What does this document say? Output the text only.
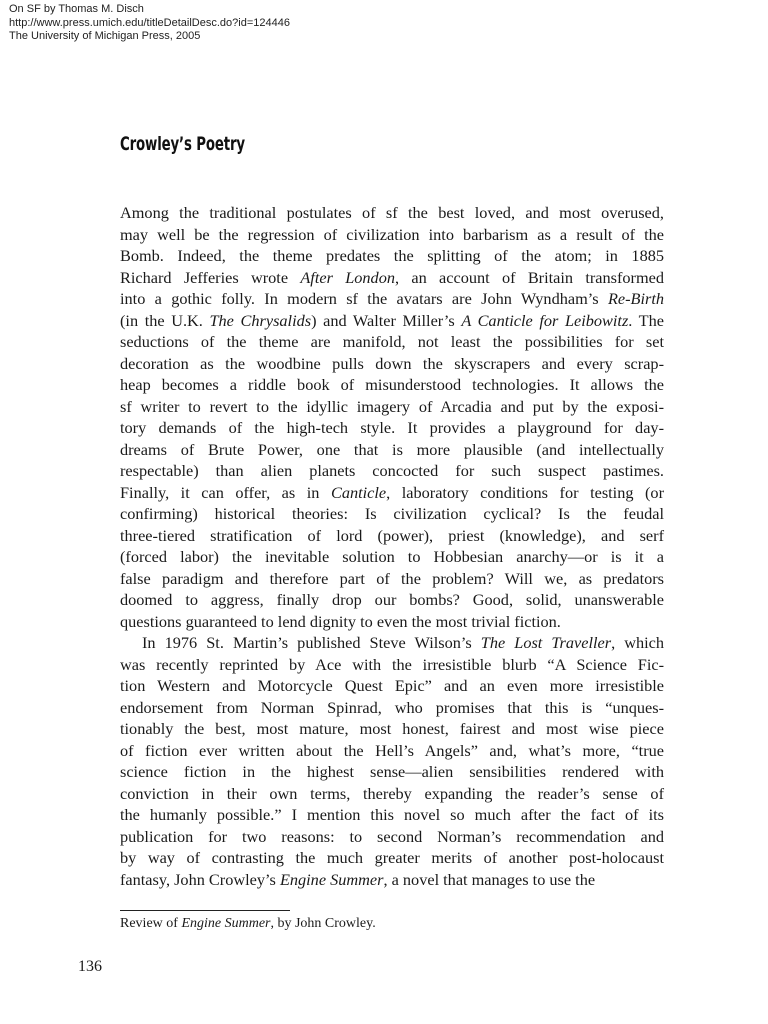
On SF by Thomas M. Disch
http://www.press.umich.edu/titleDetailDesc.do?id=124446
The University of Michigan Press, 2005
Crowley’s Poetry
Among the traditional postulates of sf the best loved, and most overused,
may well be the regression of civilization into barbarism as a result of the
Bomb. Indeed, the theme predates the splitting of the atom; in 1885
Richard Jefferies wrote After London, an account of Britain transformed
into a gothic folly. In modern sf the avatars are John Wyndham’s Re-Birth
(in the U.K. The Chrysalids) and Walter Miller’s A Canticle for Leibowitz. The
seductions of the theme are manifold, not least the possibilities for set
decoration as the woodbine pulls down the skyscrapers and every scrap-
heap becomes a riddle book of misunderstood technologies. It allows the
sf writer to revert to the idyllic imagery of Arcadia and put by the exposi-
tory demands of the high-tech style. It provides a playground for day-
dreams of Brute Power, one that is more plausible (and intellectually
respectable) than alien planets concocted for such suspect pastimes.
Finally, it can offer, as in Canticle, laboratory conditions for testing (or
confirming) historical theories: Is civilization cyclical? Is the feudal
three-tiered stratification of lord (power), priest (knowledge), and serf
(forced labor) the inevitable solution to Hobbesian anarchy—or is it a
false paradigm and therefore part of the problem? Will we, as predators
doomed to aggress, finally drop our bombs? Good, solid, unanswerable
questions guaranteed to lend dignity to even the most trivial fiction.
In 1976 St. Martin’s published Steve Wilson’s The Lost Traveller, which
was recently reprinted by Ace with the irresistible blurb “A Science Fic-
tion Western and Motorcycle Quest Epic” and an even more irresistible
endorsement from Norman Spinrad, who promises that this is “unques-
tionably the best, most mature, most honest, fairest and most wise piece
of fiction ever written about the Hell’s Angels” and, what’s more, “true
science fiction in the highest sense—alien sensibilities rendered with
conviction in their own terms, thereby expanding the reader’s sense of
the humanly possible.” I mention this novel so much after the fact of its
publication for two reasons: to second Norman’s recommendation and
by way of contrasting the much greater merits of another post-holocaust
fantasy, John Crowley’s Engine Summer, a novel that manages to use the
Review of Engine Summer, by John Crowley.
136
